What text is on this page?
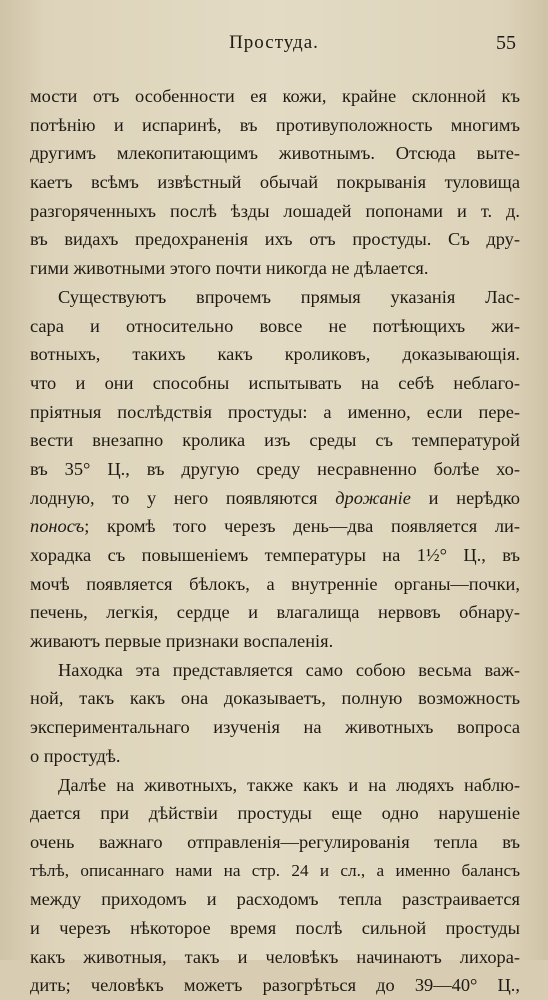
Простуда.	55
мости отъ особенности ея кожи, крайне склонной къ
потѣнію и испаринѣ, въ противуположность многимъ
другимъ млекопитающимъ животнымъ. Отсюда выте-
каетъ всѣмъ извѣстный обычай покрыванія туловища
разгоряченныхъ послѣ ѣзды лошадей попонами и т. д.
въ видахъ предохраненія ихъ отъ простуды. Съ дру-
гими животными этого почти никогда не дѣлается.
Существуютъ впрочемъ прямыя указанія Лас-
сара и относительно вовсе не потѣющихъ жи-
вотныхъ, такихъ какъ кроликовъ, доказывающія.
что и они способны испытывать на себѣ неблаго-
пріятныя послѣдствія простуды: а именно, если пере-
вести внезапно кролика изъ среды съ температурой
въ 35° Ц., въ другую среду несравненно болѣе хо-
лодную, то у него появляются дрожаніе и нерѣдко
поносъ; кромѣ того черезъ день—два появляется ли-
хорадка съ повышеніемъ температуры на 1½° Ц., въ
мочѣ появляется бѣлокъ, а внутренніе органы—почки,
печень, легкія, сердце и влагалища нервовъ обнару-
живаютъ первые признаки воспаленія.
Находка эта представляется само собою весьма важ-
ной, такъ какъ она доказываетъ, полную возможность
экспериментальнаго изученія на животныхъ вопроса
о простудѣ.
Далѣе на животныхъ, также какъ и на людяхъ наблю-
дается при дѣйствіи простуды еще одно нарушеніе
очень важнаго отправленія—регулированія тепла въ
тѣлѣ, описаннаго нами на стр. 24 и сл., а именно балансъ
между приходомъ и расходомъ тепла разстраивается
и черезъ нѣкоторое время послѣ сильной простуды
какъ животныя, такъ и человѣкъ начинаютъ лихора-
дить; человѣкъ можетъ разогрѣться до 39—40° Ц.,
